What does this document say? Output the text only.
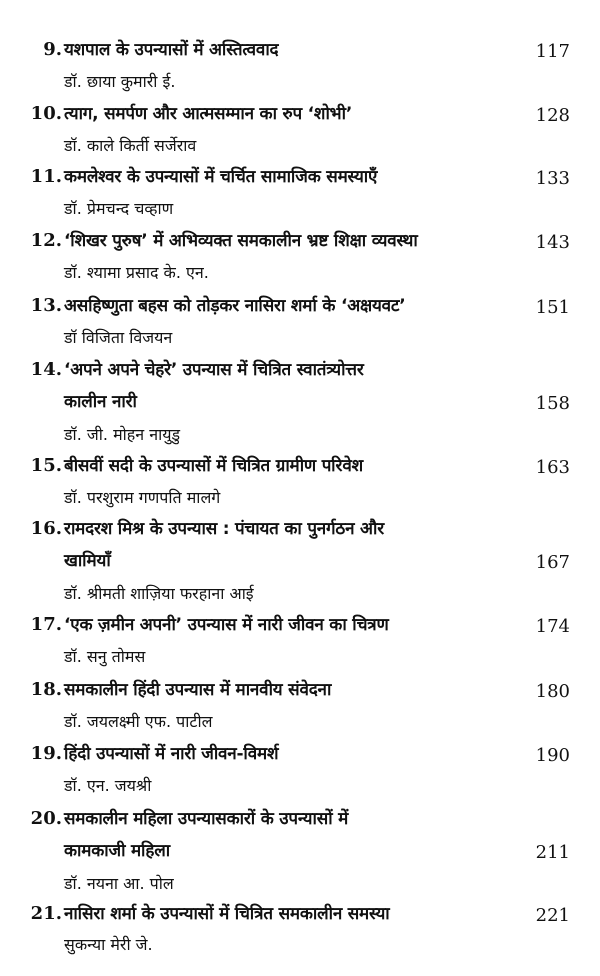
9. यशपाल के उपन्यासों में अस्तित्ववाद	117
डॉ. छाया कुमारी ई.
10. त्याग, समर्पण और आत्मसम्मान का रुप ‘शोभी’	128
डॉ. काले किर्ती सर्जेराव
11. कमलेश्वर के उपन्यासों में चर्चित सामाजिक समस्याएँ	133
डॉ. प्रेमचन्द चव्हाण
12. ‘शिखर पुरुष’ में अभिव्यक्त समकालीन भ्रष्ट शिक्षा व्यवस्था	143
डॉ. श्यामा प्रसाद के. एन.
13. असहिष्णुता बहस को तोड़कर नासिरा शर्मा के ‘अक्षयवट’	151
डॉ विजिता विजयन
14. ‘अपने अपने चेहरे’ उपन्यास में चित्रित स्वातंत्र्योत्तर
कालीन नारी	158
डॉ. जी. मोहन नायुडु
15. बीसवीं सदी के उपन्यासों में चित्रित ग्रामीण परिवेश	163
डॉ. परशुराम गणपति मालगे
16. रामदरश मिश्र के उपन्यास : पंचायत का पुनर्गठन और
खामियाँ	167
डॉ. श्रीमती शाज़िया फरहाना आई
17. ‘एक ज़मीन अपनी’ उपन्यास में नारी जीवन का चित्रण	174
डॉ. सनु तोमस
18. समकालीन हिंदी उपन्यास में मानवीय संवेदना	180
डॉ. जयलक्ष्मी एफ. पाटील
19. हिंदी उपन्यासों में नारी जीवन-विमर्श	190
डॉ. एन. जयश्री
20. समकालीन महिला उपन्यासकारों के उपन्यासों में
कामकाजी महिला	211
डॉ. नयना आ. पोल
21. नासिरा शर्मा के उपन्यासों में चित्रित समकालीन समस्या	221
सुकन्या मेरी जे.
